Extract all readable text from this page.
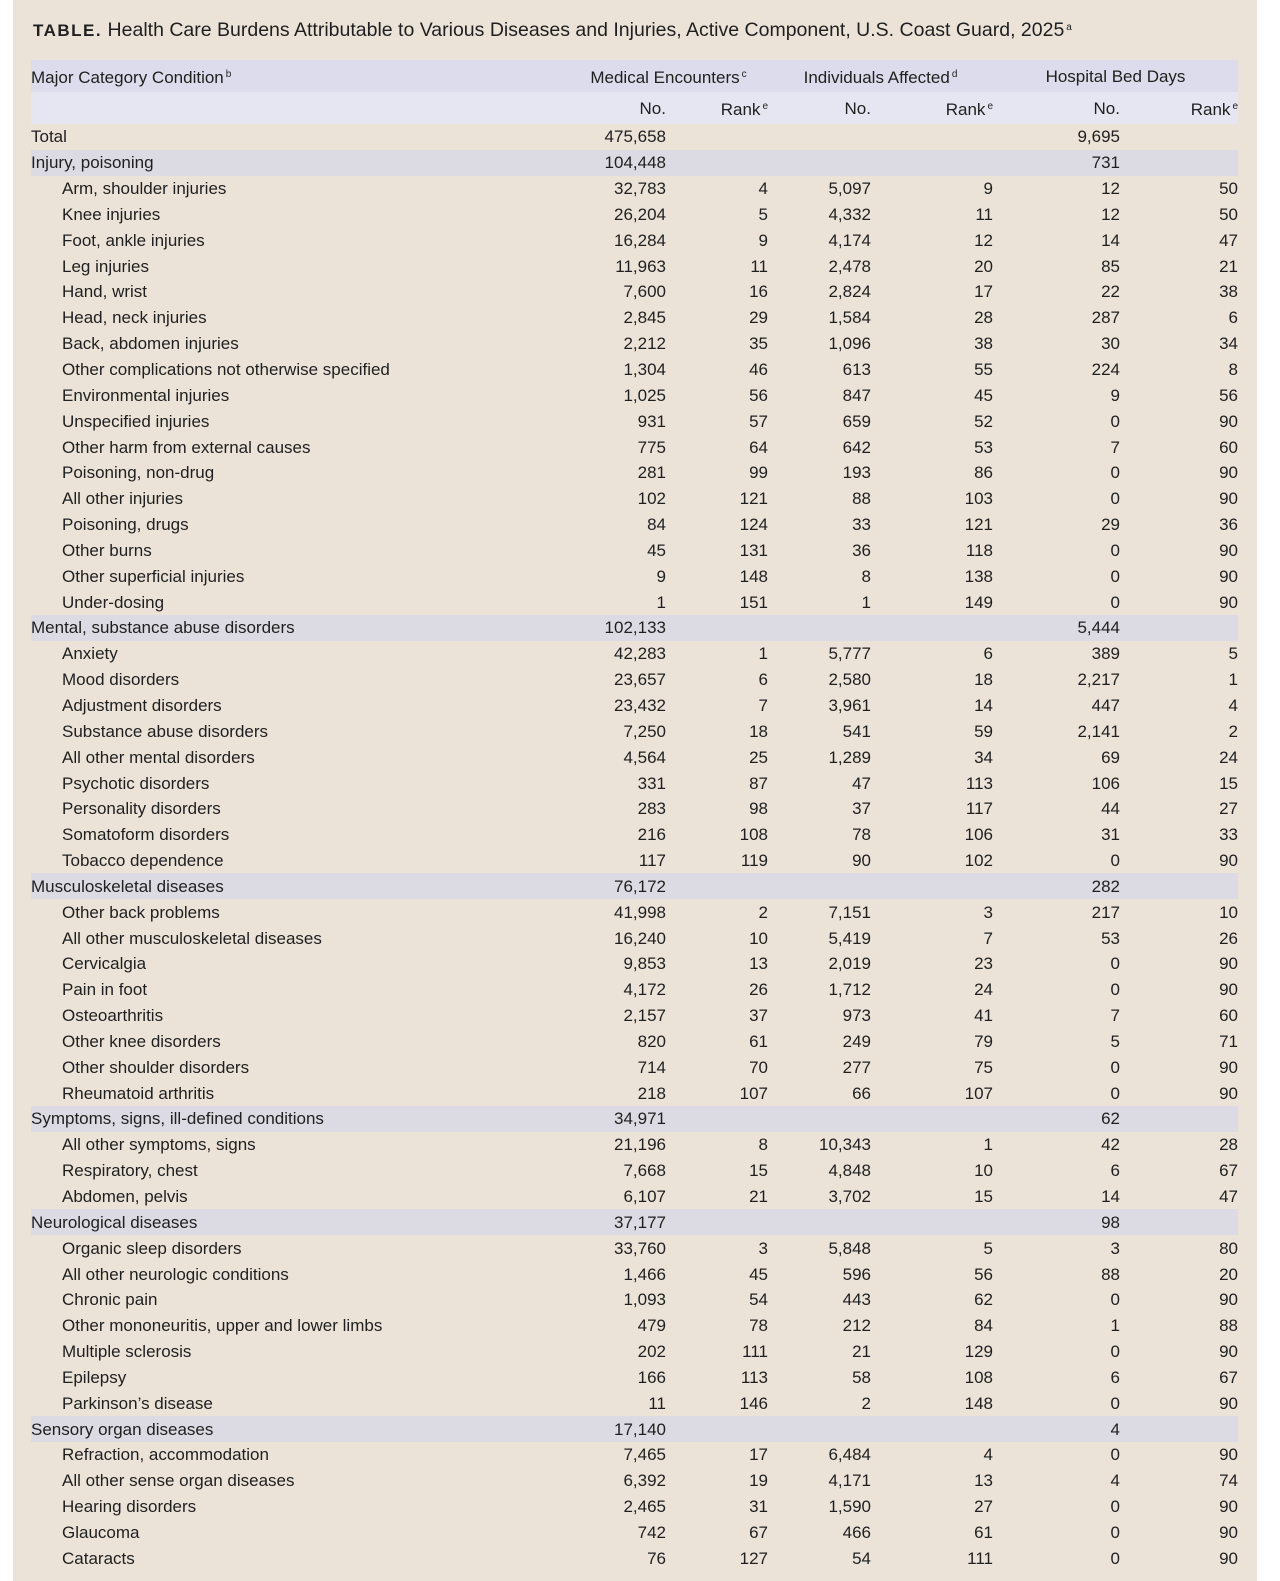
TABLE. Health Care Burdens Attributable to Various Diseases and Injuries, Active Component, U.S. Coast Guard, 2025 $^a$
Major Category Condition $^b$	Medical Encounters $^c$		Individuals Affected $^d$		Hospital Bed Days	
	No.	Rank $^e$	No.	Rank $^e$	No.	Rank $^e$
Total	475,658				9,695	
Injury, poisoning	104,448				731	
Arm, shoulder injuries	32,783	4	5,097	9	12	50
Knee injuries	26,204	5	4,332	11	12	50
Foot, ankle injuries	16,284	9	4,174	12	14	47
Leg injuries	11,963	11	2,478	20	85	21
Hand, wrist	7,600	16	2,824	17	22	38
Head, neck injuries	2,845	29	1,584	28	287	6
Back, abdomen injuries	2,212	35	1,096	38	30	34
Other complications not otherwise specified	1,304	46	613	55	224	8
Environmental injuries	1,025	56	847	45	9	56
Unspecified injuries	931	57	659	52	0	90
Other harm from external causes	775	64	642	53	7	60
Poisoning, non-drug	281	99	193	86	0	90
All other injuries	102	121	88	103	0	90
Poisoning, drugs	84	124	33	121	29	36
Other burns	45	131	36	118	0	90
Other superficial injuries	9	148	8	138	0	90
Under-dosing	1	151	1	149	0	90
Mental, substance abuse disorders	102,133				5,444	
Anxiety	42,283	1	5,777	6	389	5
Mood disorders	23,657	6	2,580	18	2,217	1
Adjustment disorders	23,432	7	3,961	14	447	4
Substance abuse disorders	7,250	18	541	59	2,141	2
All other mental disorders	4,564	25	1,289	34	69	24
Psychotic disorders	331	87	47	113	106	15
Personality disorders	283	98	37	117	44	27
Somatoform disorders	216	108	78	106	31	33
Tobacco dependence	117	119	90	102	0	90
Musculoskeletal diseases	76,172				282	
Other back problems	41,998	2	7,151	3	217	10
All other musculoskeletal diseases	16,240	10	5,419	7	53	26
Cervicalgia	9,853	13	2,019	23	0	90
Pain in foot	4,172	26	1,712	24	0	90
Osteoarthritis	2,157	37	973	41	7	60
Other knee disorders	820	61	249	79	5	71
Other shoulder disorders	714	70	277	75	0	90
Rheumatoid arthritis	218	107	66	107	0	90
Symptoms, signs, ill-defined conditions	34,971				62	
All other symptoms, signs	21,196	8	10,343	1	42	28
Respiratory, chest	7,668	15	4,848	10	6	67
Abdomen, pelvis	6,107	21	3,702	15	14	47
Neurological diseases	37,177				98	
Organic sleep disorders	33,760	3	5,848	5	3	80
All other neurologic conditions	1,466	45	596	56	88	20
Chronic pain	1,093	54	443	62	0	90
Other mononeuritis, upper and lower limbs	479	78	212	84	1	88
Multiple sclerosis	202	111	21	129	0	90
Epilepsy	166	113	58	108	6	67
Parkinson’s disease	11	146	2	148	0	90
Sensory organ diseases	17,140				4	
Refraction, accommodation	7,465	17	6,484	4	0	90
All other sense organ diseases	6,392	19	4,171	13	4	74
Hearing disorders	2,465	31	1,590	27	0	90
Glaucoma	742	67	466	61	0	90
Cataracts	76	127	54	111	0	90
